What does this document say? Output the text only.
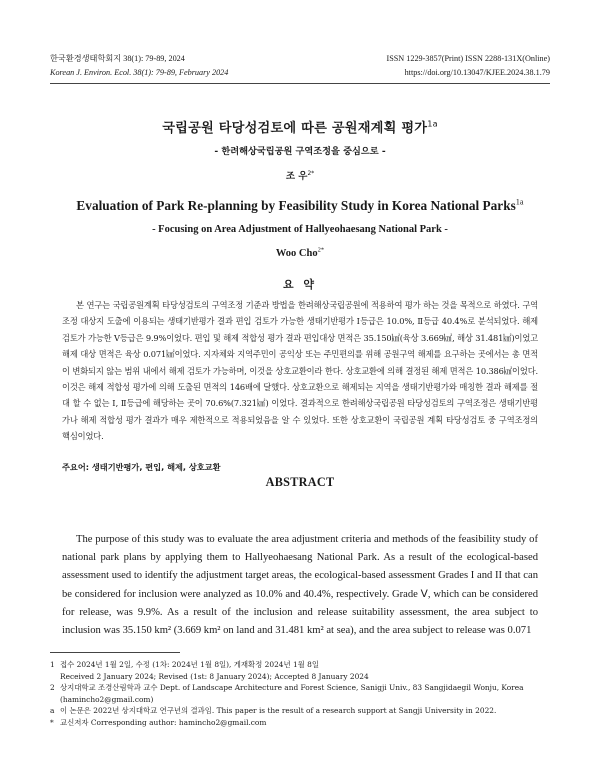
한국환경생태학회지 38(1): 79-89, 2024
Korean J. Environ. Ecol. 38(1): 79-89, February 2024
ISSN 1229-3857(Print) ISSN 2288-131X(Online)
https://doi.org/10.13047/KJEE.2024.38.1.79
국립공원 타당성검토에 따른 공원재계획 평가$^{1a}$
- 한려해상국립공원 구역조정을 중심으로 -
조 우$^{2*}$
Evaluation of Park Re-planning by Feasibility Study in Korea National Parks$^{1a}$
- Focusing on Area Adjustment of Hallyeohaesang National Park -
Woo Cho$^{2*}$
요 약
본 연구는 국립공원계획 타당성검토의 구역조정 기준과 방법을 한려해상국립공원에 적용하여 평가 하는 것을 목적으로 하였다. 구역조정 대상지 도출에 이용되는 생태기반평가 결과 편입 검토가 가능한 생태기반평가 Ⅰ등급은 10.0%, Ⅱ등급 40.4%로 분석되었다. 해제 검토가 가능한 Ⅴ등급은 9.9%이었다. 편입 및 해제 적합성 평가 결과 편입대상 면적은 35.150㎢(육상 3.669㎢, 해상 31.481㎢)이었고 해제 대상 면적은 육상 0.071㎢이었다. 지자체와 지역주민이 공익상 또는 주민편의를 위해 공원구역 해제를 요구하는 곳에서는 총 면적이 변화되지 않는 범위 내에서 해제 검토가 가능하며, 이것을 상호교환이라 한다. 상호교환에 의해 결정된 해제 면적은 10.386㎢이었다. 이것은 해제 적합성 평가에 의해 도출된 면적의 146배에 달했다. 상호교환으로 해제되는 지역을 생태기반평가와 매칭한 결과 해제를 절대 할 수 없는 Ⅰ, Ⅱ등급에 해당하는 곳이 70.6%(7.321㎢) 이었다. 결과적으로 한려해상국립공원 타당성검토의 구역조정은 생태기반평가나 해제 적합성 평가 결과가 매우 제한적으로 적용되었음을 알 수 있었다. 또한 상호교환이 국립공원 계획 타당성검토 중 구역조정의 핵심이었다.
주요어: 생태기반평가, 편입, 해제, 상호교환
ABSTRACT
The purpose of this study was to evaluate the area adjustment criteria and methods of the feasibility study of national park plans by applying them to Hallyeohaesang National Park. As a result of the ecological-based assessment used to identify the adjustment target areas, the ecological-based assessment Grades I and II that can be considered for inclusion were analyzed as 10.0% and 40.4%, respectively. Grade Ⅴ, which can be considered for release, was 9.9%. As a result of the inclusion and release suitability assessment, the area subject to inclusion was 35.150 km² (3.669 km² on land and 31.481 km² at sea), and the area subject to release was 0.071
1 접수 2024년 1월 2일, 수정 (1차: 2024년 1월 8일), 게재확정 2024년 1월 8일
Received 2 January 2024; Revised (1st: 8 January 2024); Accepted 8 January 2024
2 상지대학교 조경산림학과 교수 Dept. of Landscape Architecture and Forest Science, Sanigji Univ., 83 Sangjidaegil Wonju, Korea
(hamincho2@gmail.com)
a 이 논문은 2022년 상지대학교 연구년의 결과임. This paper is the result of a research support at Sangji University in 2022.
* 교신저자 Corresponding author: hamincho2@gmail.com
